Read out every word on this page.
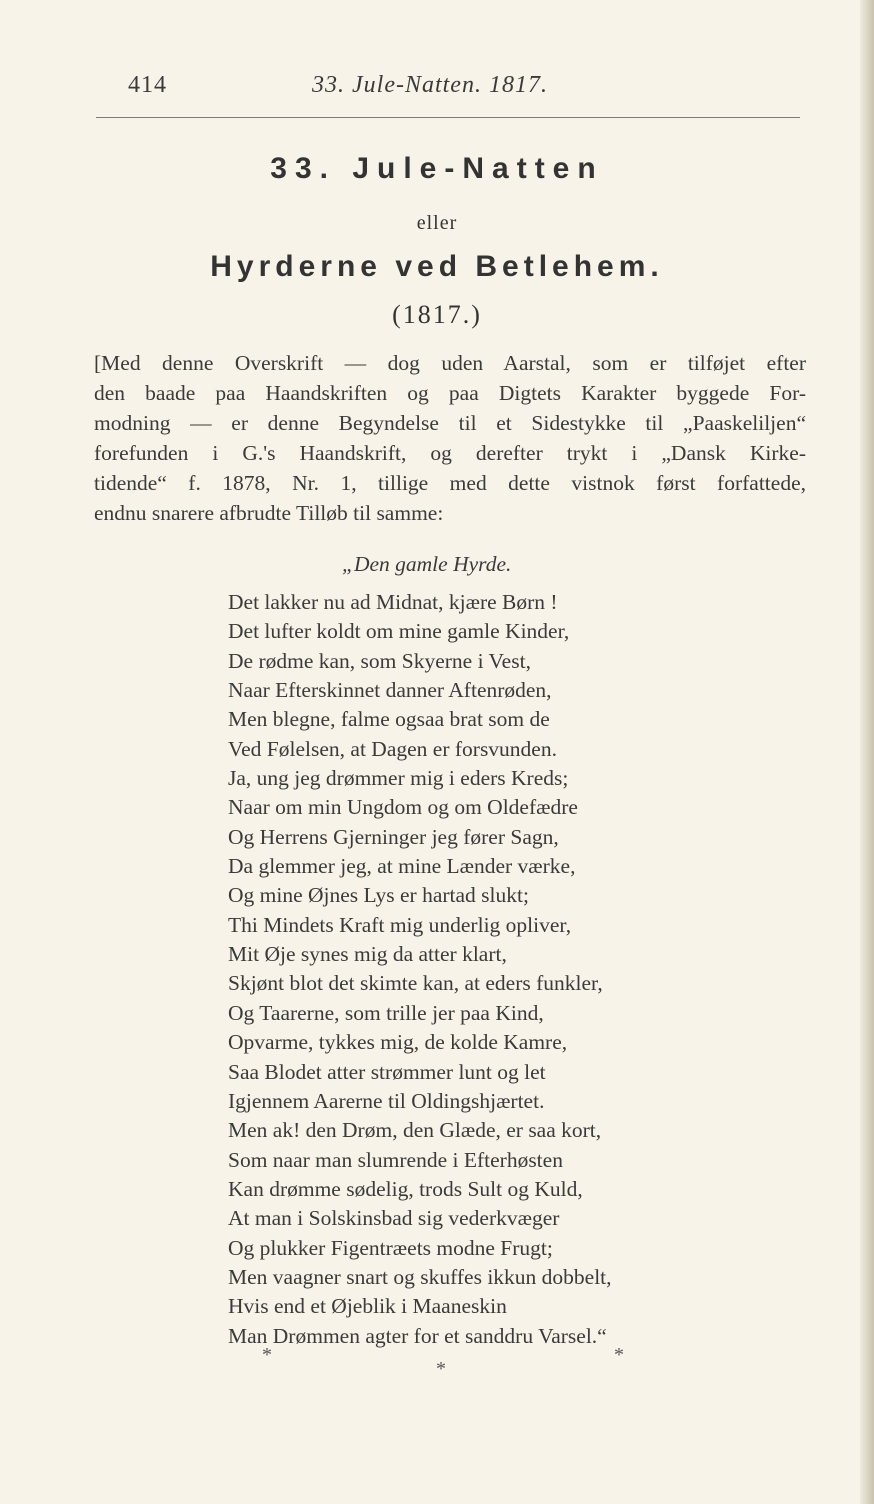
414	33. Jule-Natten. 1817.
33. Jule-Natten
eller
Hyrderne ved Betlehem.
(1817.)
[Med denne Overskrift — dog uden Aarstal, som er tilføjet efter
den baade paa Haandskriften og paa Digtets Karakter byggede For-
modning — er denne Begyndelse til et Sidestykke til „Paaskeliljen“
forefunden i G.'s Haandskrift, og derefter trykt i „Dansk Kirke-
tidende“ f. 1878, Nr. 1, tillige med dette vistnok først forfattede,
endnu snarere afbrudte Tilløb til samme:
„Den gamle Hyrde.
Det lakker nu ad Midnat, kjære Børn !
Det lufter koldt om mine gamle Kinder,
De rødme kan, som Skyerne i Vest,
Naar Efterskinnet danner Aftenrøden,
Men blegne, falme ogsaa brat som de
Ved Følelsen, at Dagen er forsvunden.
Ja, ung jeg drømmer mig i eders Kreds;
Naar om min Ungdom og om Oldefædre
Og Herrens Gjerninger jeg fører Sagn,
Da glemmer jeg, at mine Lænder værke,
Og mine Øjnes Lys er hartad slukt;
Thi Mindets Kraft mig underlig opliver,
Mit Øje synes mig da atter klart,
Skjønt blot det skimte kan, at eders funkler,
Og Taarerne, som trille jer paa Kind,
Opvarme, tykkes mig, de kolde Kamre,
Saa Blodet atter strømmer lunt og let
Igjennem Aarerne til Oldingshjærtet.
Men ak! den Drøm, den Glæde, er saa kort,
Som naar man slumrende i Efterhøsten
Kan drømme sødelig, trods Sult og Kuld,
At man i Solskinsbad sig vederkvæger
Og plukker Figentræets modne Frugt;
Men vaagner snart og skuffes ikkun dobbelt,
Hvis end et Øjeblik i Maaneskin
Man Drømmen agter for et sanddru Varsel.“
*
*
*
